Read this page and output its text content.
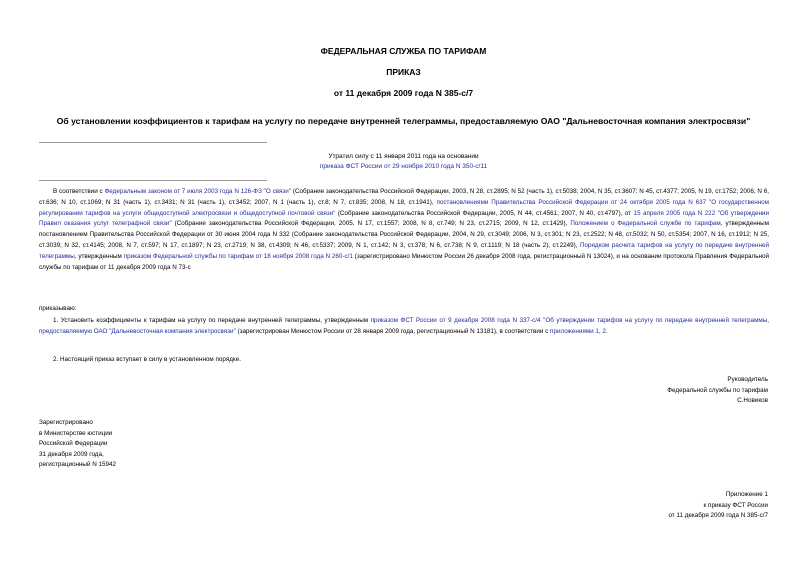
ФЕДЕРАЛЬНАЯ СЛУЖБА ПО ТАРИФАМ
ПРИКАЗ
от 11 декабря 2009 года N 385-с/7
Об установлении коэффициентов к тарифам на услугу по передаче внутренней телеграммы, предоставляемую ОАО "Дальневосточная компания электросвязи"
Утратил силу с 11 января 2011 года на основании
приказа ФСТ России от 29 ноября 2010 года N 350-с/11
В соответствии с Федеральным законом от 7 июля 2003 года N 126-ФЗ "О связи" (Собрание законодательства Российской Федерации, 2003, N 28, ст.2895; N 52 (часть 1), ст.5038; 2004, N 35, ст.3607; N 45, ст.4377; 2005, N 19, ст.1752; 2006, N 6, ст.636; N 10, ст.1069; N 31 (часть 1), ст.3431; N 31 (часть 1), ст.3452; 2007, N 1 (часть 1), ст.8; N 7, ст.835; 2008, N 18, ст.1941), постановлениями Правительства Российской Федерации от 24 октября 2005 года N 637 "О государственном регулировании тарифов на услуги общедоступной электросвязи и общедоступной почтовой связи" (Собрание законодательства Российской Федерации, 2005, N 44, ст.4561; 2007, N 40, ст.4797), от 15 апреля 2005 года N 222 "Об утверждении Правил оказания услуг телеграфной связи" (Собрание законодательства Российской Федерации, 2005, N 17, ст.1557; 2008, N 8, ст.749; N 23, ст.2715; 2009, N 12, ст.1429), Положением о Федеральной службе по тарифам, утвержденным постановлением Правительства Российской Федерации от 30 июня 2004 года N 332 (Собрание законодательства Российской Федерации, 2004, N 29, ст.3049; 2006, N 3, ст.301; N 23, ст.2522; N 48, ст.5032; N 50, ст.5354; 2007, N 16, ст.1912; N 25, ст.3039; N 32, ст.4145; 2008, N 7, ст.597; N 17, ст.1897; N 23, ст.2719; N 38, ст.4309; N 46, ст.5337; 2009, N 1, ст.142; N 3, ст.378; N 6, ст.738; N 9, ст.1119; N 18 (часть 2), ст.2249), Порядком расчета тарифов на услугу по передаче внутренней телеграммы, утвержденным приказом Федеральной службы по тарифам от 18 ноября 2008 года N 260-с/1 (зарегистрировано Минюстом России 26 декабря 2008 года, регистрационный N 13024), и на основании протокола Правления Федеральной службы по тарифам от 11 декабря 2009 года N 73-с
приказываю:
1. Установить коэффициенты к тарифам на услугу по передаче внутренней телеграммы, утвержденным приказом ФСТ России от 9 декабря 2008 года N 337-с/4 "Об утверждении тарифов на услугу по передаче внутренней телеграммы, предоставляемую ОАО "Дальневосточная компания электросвязи" (зарегистрирован Минюстом России от 28 января 2009 года, регистрационный N 13181), в соответствии с приложениями 1, 2.
2. Настоящий приказ вступает в силу в установленном порядке.
Руководитель
Федеральной службы по тарифам
С.Новиков
Зарегистрировано
в Министерстве юстиции
Российской Федерации
31 декабря 2009 года,
регистрационный N 15942
Приложение 1
к приказу ФСТ России
от 11 декабря 2009 года N 385-с/7
